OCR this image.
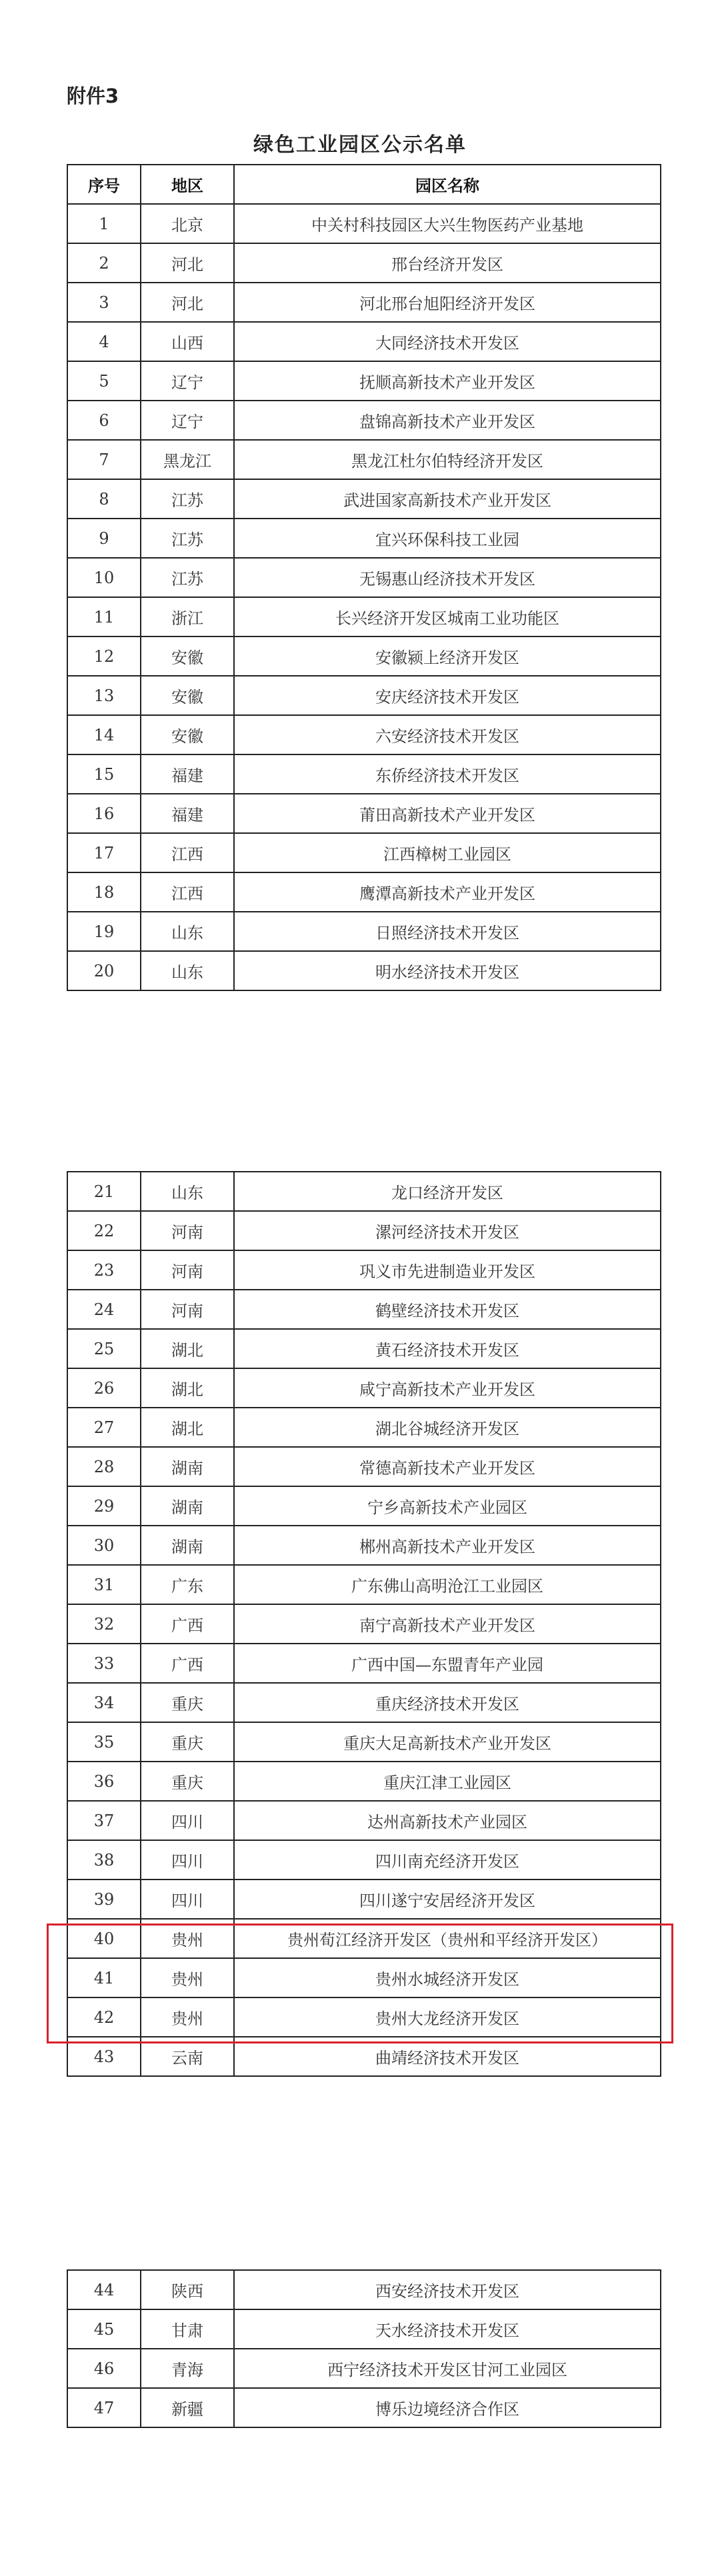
附件3
绿色工业园区公示名单
序号	地区	园区名称
1	北京	中关村科技园区大兴生物医药产业基地
2	河北	邢台经济开发区
3	河北	河北邢台旭阳经济开发区
4	山西	大同经济技术开发区
5	辽宁	抚顺高新技术产业开发区
6	辽宁	盘锦高新技术产业开发区
7	黑龙江	黑龙江杜尔伯特经济开发区
8	江苏	武进国家高新技术产业开发区
9	江苏	宜兴环保科技工业园
10	江苏	无锡惠山经济技术开发区
11	浙江	长兴经济开发区城南工业功能区
12	安徽	安徽颍上经济开发区
13	安徽	安庆经济技术开发区
14	安徽	六安经济技术开发区
15	福建	东侨经济技术开发区
16	福建	莆田高新技术产业开发区
17	江西	江西樟树工业园区
18	江西	鹰潭高新技术产业开发区
19	山东	日照经济技术开发区
20	山东	明水经济技术开发区
21	山东	龙口经济开发区
22	河南	漯河经济技术开发区
23	河南	巩义市先进制造业开发区
24	河南	鹤壁经济技术开发区
25	湖北	黄石经济技术开发区
26	湖北	咸宁高新技术产业开发区
27	湖北	湖北谷城经济开发区
28	湖南	常德高新技术产业开发区
29	湖南	宁乡高新技术产业园区
30	湖南	郴州高新技术产业开发区
31	广东	广东佛山高明沧江工业园区
32	广西	南宁高新技术产业开发区
33	广西	广西中国—东盟青年产业园
34	重庆	重庆经济技术开发区
35	重庆	重庆大足高新技术产业开发区
36	重庆	重庆江津工业园区
37	四川	达州高新技术产业园区
38	四川	四川南充经济开发区
39	四川	四川遂宁安居经济开发区
40	贵州	贵州荀江经济开发区（贵州和平经济开发区）
41	贵州	贵州水城经济开发区
42	贵州	贵州大龙经济开发区
43	云南	曲靖经济技术开发区
44	陕西	西安经济技术开发区
45	甘肃	天水经济技术开发区
46	青海	西宁经济技术开发区甘河工业园区
47	新疆	博乐边境经济合作区
